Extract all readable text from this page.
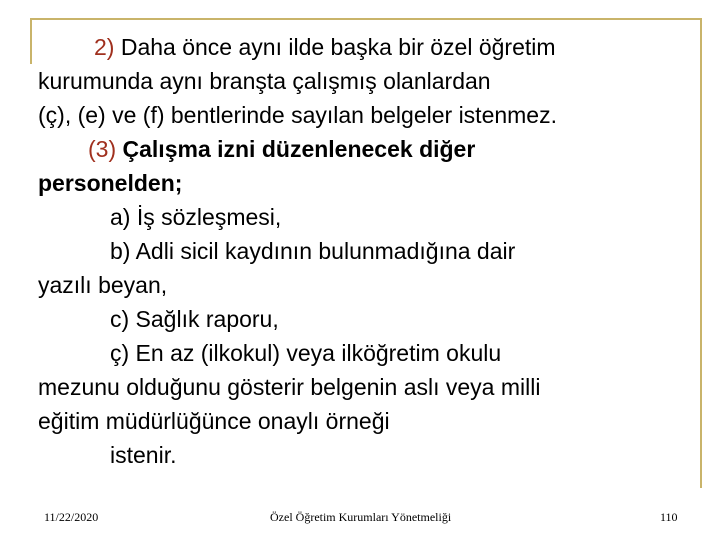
2) Daha önce aynı ilde başka bir özel öğretim
kurumunda aynı branşta çalışmış olanlardan
(ç), (e) ve (f) bentlerinde sayılan belgeler istenmez.
(3) Çalışma izni düzenlenecek diğer
personelden;
a) İş sözleşmesi,
b) Adli sicil kaydının bulunmadığına dair
yazılı beyan,
c) Sağlık raporu,
ç) En az (ilkokul) veya ilköğretim okulu
mezunu olduğunu gösterir belgenin aslı veya milli
eğitim müdürlüğünce onaylı örneği
istenir.
11/22/2020	Özel Öğretim Kurumları Yönetmeliği	110
